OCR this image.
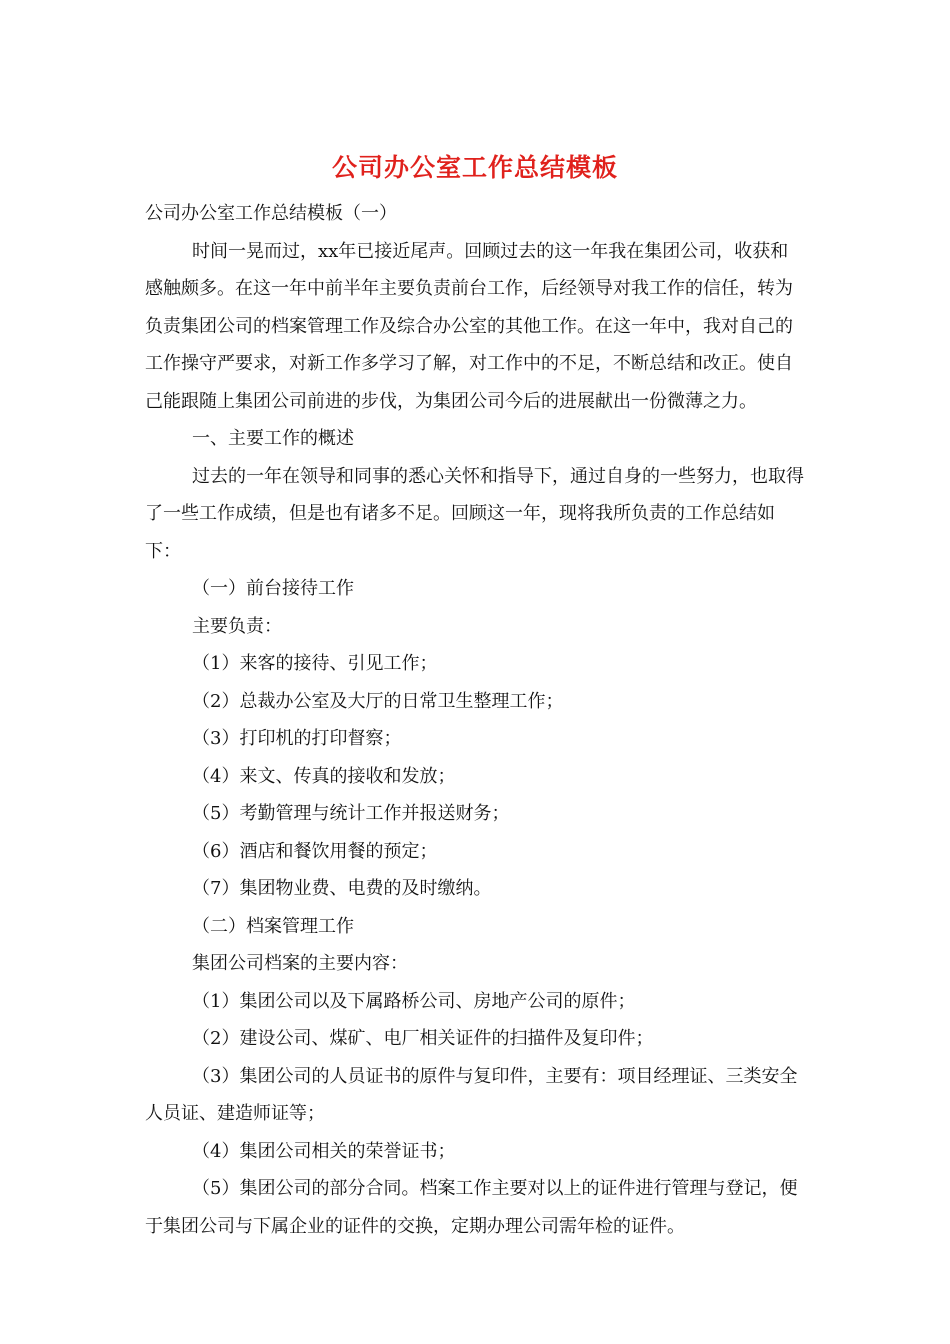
公司办公室工作总结模板

公司办公室工作总结模板（一）

时间一晃而过，xx年已接近尾声。回顾过去的这一年我在集团公司，收获和感触颇多。在这一年中前半年主要负责前台工作，后经领导对我工作的信任，转为负责集团公司的档案管理工作及综合办公室的其他工作。在这一年中，我对自己的工作操守严要求，对新工作多学习了解，对工作中的不足，不断总结和改正。使自己能跟随上集团公司前进的步伐，为集团公司今后的进展献出一份微薄之力。

一、主要工作的概述

过去的一年在领导和同事的悉心关怀和指导下，通过自身的一些努力，也取得了一些工作成绩，但是也有诸多不足。回顾这一年，现将我所负责的工作总结如下：

（一）前台接待工作

主要负责：

（1）来客的接待、引见工作；

（2）总裁办公室及大厅的日常卫生整理工作；

（3）打印机的打印督察；

（4）来文、传真的接收和发放；

（5）考勤管理与统计工作并报送财务；

（6）酒店和餐饮用餐的预定；

（7）集团物业费、电费的及时缴纳。

（二）档案管理工作

集团公司档案的主要内容：

（1）集团公司以及下属路桥公司、房地产公司的原件；

（2）建设公司、煤矿、电厂相关证件的扫描件及复印件；

（3）集团公司的人员证书的原件与复印件，主要有：项目经理证、三类安全人员证、建造师证等；

（4）集团公司相关的荣誉证书；

（5）集团公司的部分合同。档案工作主要对以上的证件进行管理与登记，便于集团公司与下属企业的证件的交换，定期办理公司需年检的证件。
